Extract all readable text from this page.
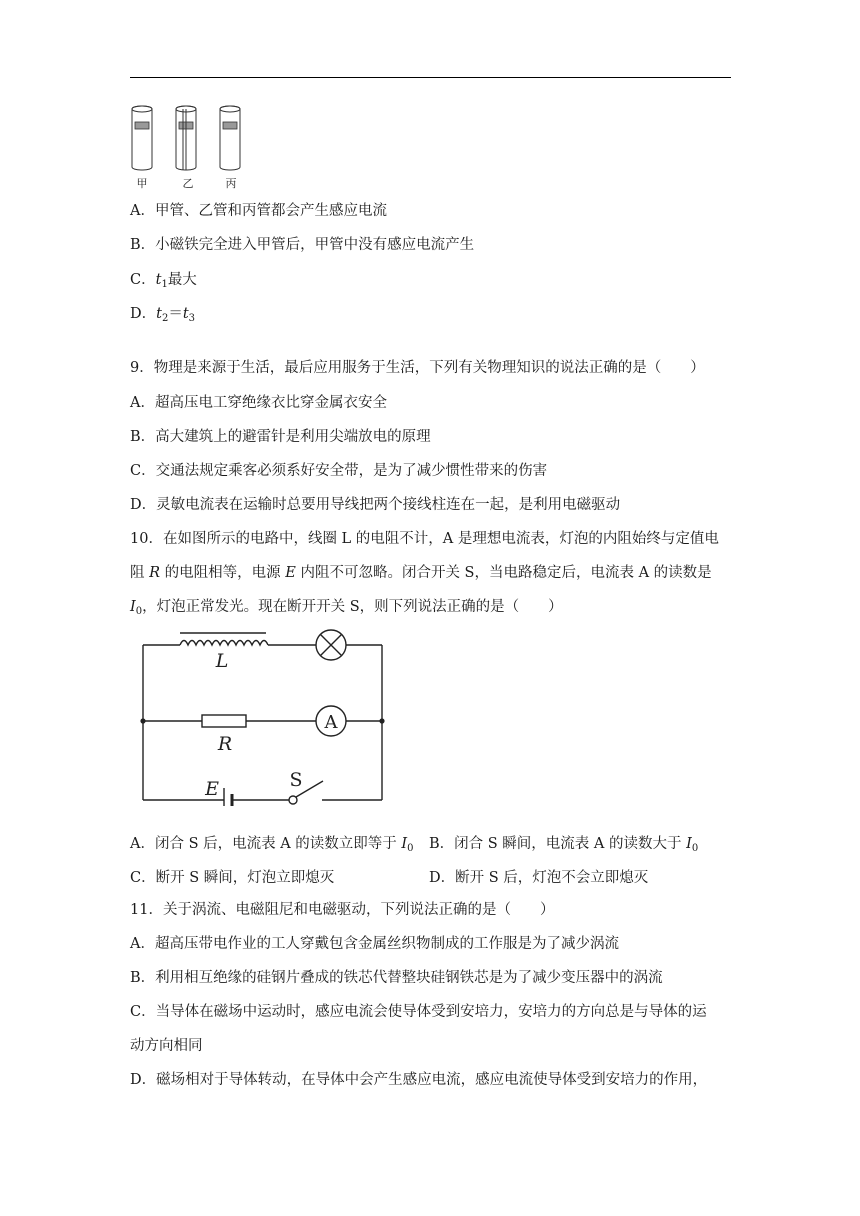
甲	乙	丙
A．甲管、乙管和丙管都会产生感应电流
B．小磁铁完全进入甲管后，甲管中没有感应电流产生
C．$t_1$最大
D．$t_2=t_3$
9．物理是来源于生活，最后应用服务于生活，下列有关物理知识的说法正确的是（　　）
A．超高压电工穿绝缘衣比穿金属衣安全
B．高大建筑上的避雷针是利用尖端放电的原理
C．交通法规定乘客必须系好安全带，是为了减少惯性带来的伤害
D．灵敏电流表在运输时总要用导线把两个接线柱连在一起，是利用电磁驱动
10．在如图所示的电路中，线圈 L 的电阻不计，A 是理想电流表，灯泡的内阻始终与定值电
阻 R 的电阻相等，电源 E 内阻不可忽略。闭合开关 S，当电路稳定后，电流表 A 的读数是
$I_0$，灯泡正常发光。现在断开开关 S，则下列说法正确的是（　　）
L
R
A
E	S
A．闭合 S 后，电流表 A 的读数立即等于 $I_0$ B．闭合 S 瞬间，电流表 A 的读数大于 $I_0$
C．断开 S 瞬间，灯泡立即熄灭	D．断开 S 后，灯泡不会立即熄灭
11．关于涡流、电磁阻尼和电磁驱动，下列说法正确的是（　　）
A．超高压带电作业的工人穿戴包含金属丝织物制成的工作服是为了减少涡流
B．利用相互绝缘的硅钢片叠成的铁芯代替整块硅钢铁芯是为了减少变压器中的涡流
C．当导体在磁场中运动时，感应电流会使导体受到安培力，安培力的方向总是与导体的运
动方向相同
D．磁场相对于导体转动，在导体中会产生感应电流，感应电流使导体受到安培力的作用，
